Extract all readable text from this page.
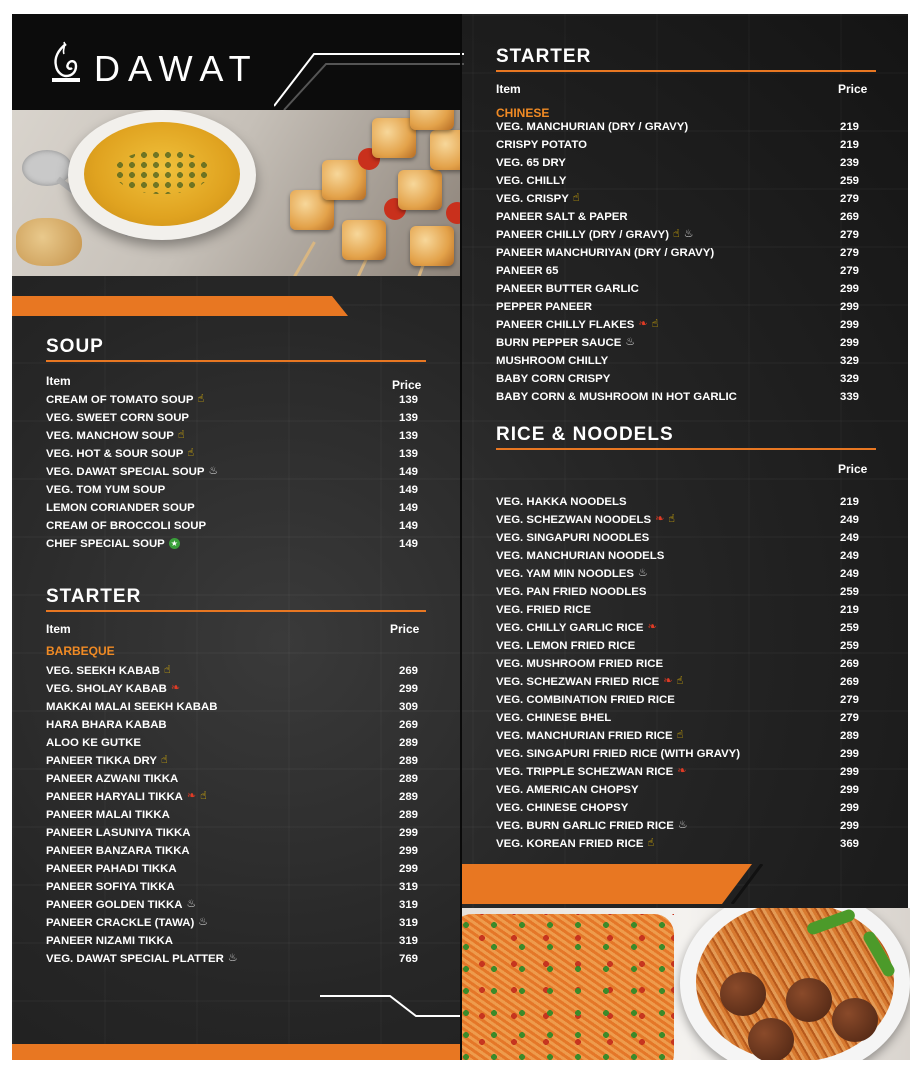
DAWAT
SOUP
Item	Price
CREAM OF TOMATO SOUP ☝	139
VEG. SWEET CORN SOUP	139
VEG. MANCHOW SOUP ☝	139
VEG. HOT & SOUR SOUP ☝	139
VEG. DAWAT SPECIAL SOUP ♨	149
VEG. TOM YUM SOUP	149
LEMON CORIANDER SOUP	149
CREAM OF BROCCOLI SOUP	149
CHEF SPECIAL SOUP ★	149
STARTER
Item	Price
BARBEQUE
VEG. SEEKH KABAB ☝	269
VEG. SHOLAY KABAB ❧	299
MAKKAI MALAI SEEKH KABAB	309
HARA BHARA KABAB	269
ALOO KE GUTKE	289
PANEER TIKKA DRY ☝	289
PANEER AZWANI TIKKA	289
PANEER HARYALI TIKKA ❧ ☝	289
PANEER MALAI TIKKA	289
PANEER LASUNIYA TIKKA	299
PANEER BANZARA TIKKA	299
PANEER PAHADI TIKKA	299
PANEER SOFIYA TIKKA	319
PANEER GOLDEN TIKKA ♨	319
PANEER CRACKLE (TAWA) ♨	319
PANEER NIZAMI TIKKA	319
VEG. DAWAT SPECIAL PLATTER ♨	769
STARTER
Item	Price
CHINESE
VEG. MANCHURIAN (DRY / GRAVY)	219
CRISPY POTATO	219
VEG. 65 DRY	239
VEG. CHILLY	259
VEG. CRISPY ☝	279
PANEER SALT & PAPER	269
PANEER CHILLY (DRY / GRAVY) ☝ ♨	279
PANEER MANCHURIYAN (DRY / GRAVY)	279
PANEER 65	279
PANEER BUTTER GARLIC	299
PEPPER PANEER	299
PANEER CHILLY FLAKES ❧ ☝	299
BURN PEPPER SAUCE ♨	299
MUSHROOM CHILLY	329
BABY CORN CRISPY	329
BABY CORN & MUSHROOM IN HOT GARLIC	339
RICE & NOODELS
Price
VEG. HAKKA NOODELS	219
VEG. SCHEZWAN NOODELS ❧ ☝	249
VEG. SINGAPURI NOODLES	249
VEG. MANCHURIAN NOODELS	249
VEG. YAM MIN NOODLES ♨	249
VEG. PAN FRIED NOODLES	259
VEG. FRIED RICE	219
VEG. CHILLY GARLIC RICE ❧	259
VEG. LEMON FRIED RICE	259
VEG. MUSHROOM FRIED RICE	269
VEG. SCHEZWAN FRIED RICE ❧ ☝	269
VEG. COMBINATION FRIED RICE	279
VEG. CHINESE BHEL	279
VEG. MANCHURIAN FRIED RICE ☝	289
VEG. SINGAPURI FRIED RICE (WITH GRAVY)	299
VEG. TRIPPLE SCHEZWAN RICE ❧	299
VEG. AMERICAN CHOPSY	299
VEG. CHINESE CHOPSY	299
VEG. BURN GARLIC FRIED RICE ♨	299
VEG. KOREAN FRIED RICE ☝	369
